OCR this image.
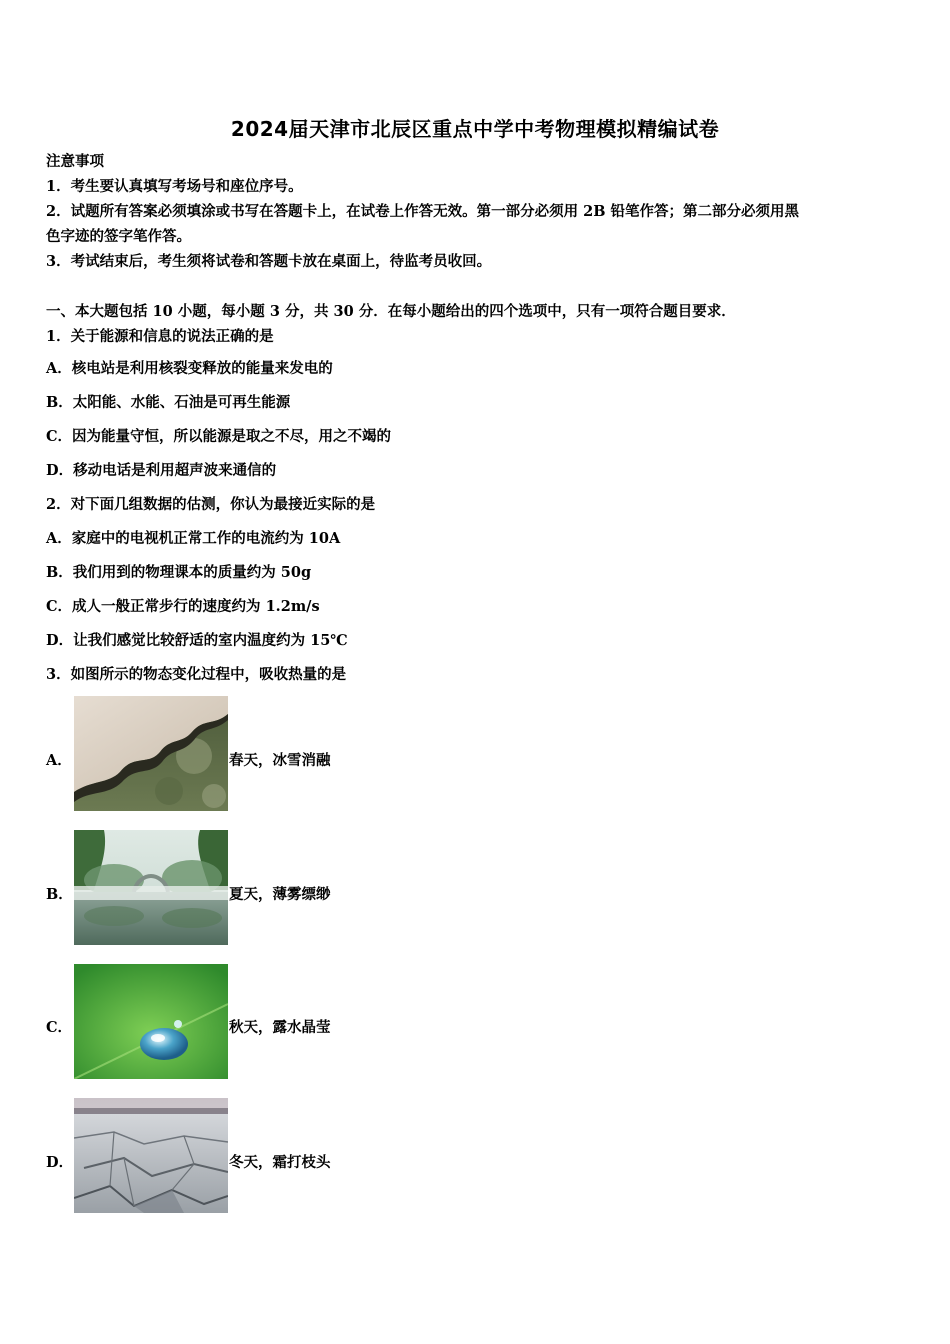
2024届天津市北辰区重点中学中考物理模拟精编试卷
注意事项
1．考生要认真填写考场号和座位序号。
2．试题所有答案必须填涂或书写在答题卡上，在试卷上作答无效。第一部分必须用 2B 铅笔作答；第二部分必须用黑
色字迹的签字笔作答。
3．考试结束后，考生须将试卷和答题卡放在桌面上，待监考员收回。
一、本大题包括 10 小题，每小题 3 分，共 30 分．在每小题给出的四个选项中，只有一项符合题目要求．
1．关于能源和信息的说法正确的是
A．核电站是利用核裂变释放的能量来发电的
B．太阳能、水能、石油是可再生能源
C．因为能量守恒，所以能源是取之不尽，用之不竭的
D．移动电话是利用超声波来通信的
2．对下面几组数据的估测，你认为最接近实际的是
A．家庭中的电视机正常工作的电流约为 10A
B．我们用到的物理课本的质量约为 50g
C．成人一般正常步行的速度约为 1.2m/s
D．让我们感觉比较舒适的室内温度约为 15℃
3．如图所示的物态变化过程中，吸收热量的是
A．	春天，冰雪消融
B．	夏天，薄雾缥缈
C．	秋天，露水晶莹
D．	冬天，霜打枝头
